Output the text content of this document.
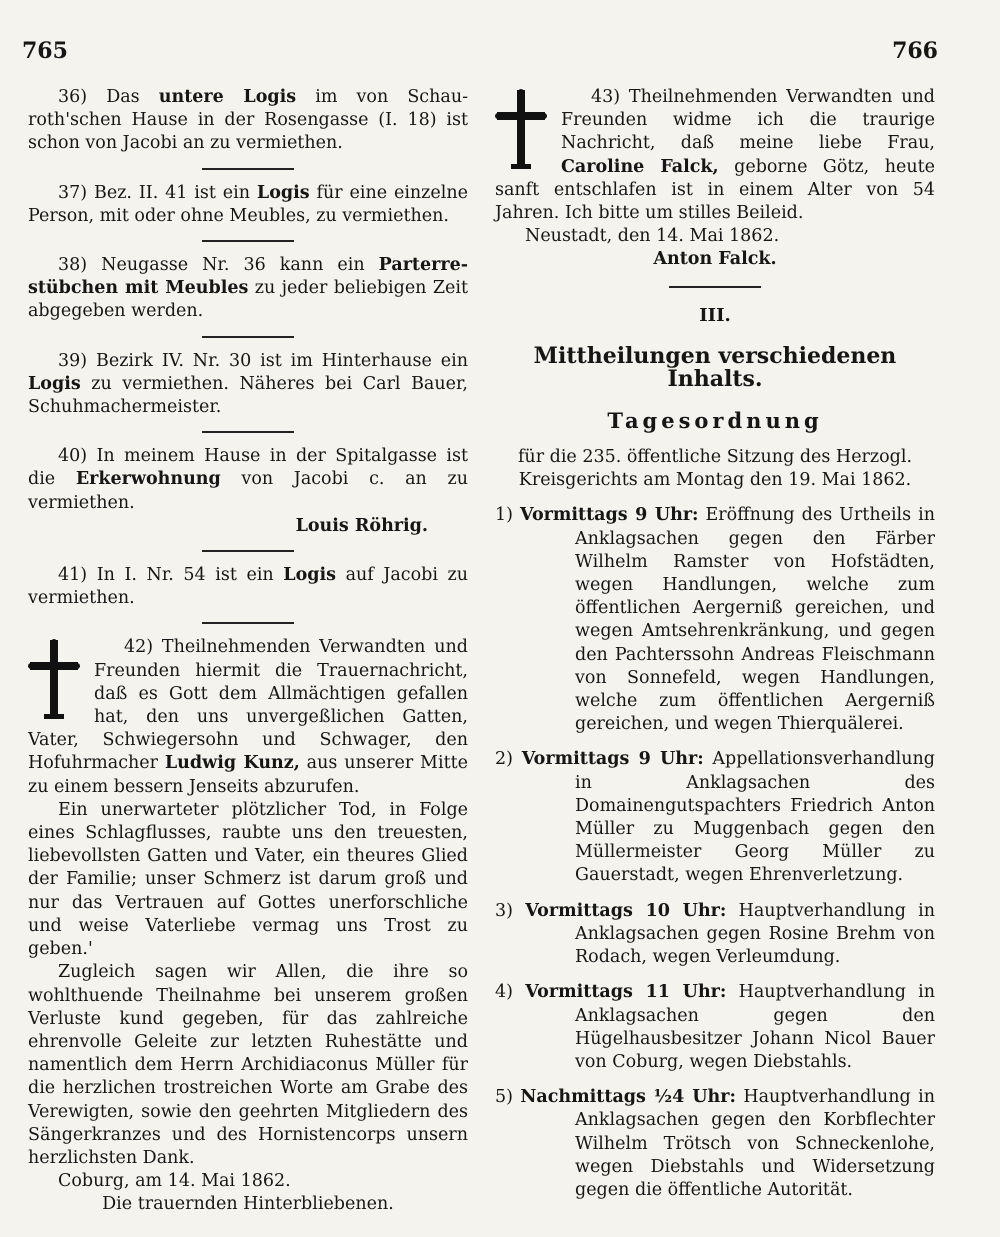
765	766

36) Das untere Logis im von Schau-roth'schen Hause in der Rosengasse (I. 18) ist schon von Jacobi an zu vermiethen.

37) Bez. II. 41 ist ein Logis für eine einzelne Person, mit oder ohne Meubles, zu vermiethen.

38) Neugasse Nr. 36 kann ein Parterre-stübchen mit Meubles zu jeder beliebigen Zeit abgegeben werden.

39) Bezirk IV. Nr. 30 ist im Hinterhause ein Logis zu vermiethen. Näheres bei Carl Bauer, Schuhmachermeister.

40) In meinem Hause in der Spitalgasse ist die Erkerwohnung von Jacobi c. an zu vermiethen.

Louis Röhrig.

41) In I. Nr. 54 ist ein Logis auf Jacobi zu vermiethen.

42) Theilnehmenden Verwandten und Freunden hiermit die Trauernachricht, daß es Gott dem Allmächtigen gefallen hat, den uns unvergeßlichen Gatten, Vater, Schwiegersohn und Schwager, den Hofuhrmacher Ludwig Kunz, aus unserer Mitte zu einem bessern Jenseits abzurufen.

Ein unerwarteter plötzlicher Tod, in Folge eines Schlagflusses, raubte uns den treuesten, liebevollsten Gatten und Vater, ein theures Glied der Familie; unser Schmerz ist darum groß und nur das Vertrauen auf Gottes unerforschliche und weise Vaterliebe vermag uns Trost zu geben.'

Zugleich sagen wir Allen, die ihre so wohlthuende Theilnahme bei unserem großen Verluste kund gegeben, für das zahlreiche ehrenvolle Geleite zur letzten Ruhestätte und namentlich dem Herrn Archidiaconus Müller für die herzlichen trostreichen Worte am Grabe des Verewigten, sowie den geehrten Mitgliedern des Sängerkranzes und des Hornistencorps unsern herzlichsten Dank.

Coburg, am 14. Mai 1862.

Die trauernden Hinterbliebenen.

43) Theilnehmenden Verwandten und Freunden widme ich die traurige Nachricht, daß meine liebe Frau, Caroline Falck, geborne Götz, heute sanft entschlafen ist in einem Alter von 54 Jahren. Ich bitte um stilles Beileid.

Neustadt, den 14. Mai 1862.

Anton Falck.
III.
Mittheilungen verschiedenen Inhalts.
Tagesordnung
für die 235. öffentliche Sitzung des Herzogl. Kreisgerichts am Montag den 19. Mai 1862.

1) Vormittags 9 Uhr: Eröffnung des Urtheils in Anklagsachen gegen den Färber Wilhelm Ramster von Hofstädten, wegen Handlungen, welche zum öffentlichen Aergerniß gereichen, und wegen Amtsehrenkränkung, und gegen den Pachterssohn Andreas Fleischmann von Sonnefeld, wegen Handlungen, welche zum öffentlichen Aergerniß gereichen, und wegen Thierquälerei.

2) Vormittags 9 Uhr: Appellationsverhandlung in Anklagsachen des Domainengutspachters Friedrich Anton Müller zu Muggenbach gegen den Müllermeister Georg Müller zu Gauerstadt, wegen Ehrenverletzung.

3) Vormittags 10 Uhr: Hauptverhandlung in Anklagsachen gegen Rosine Brehm von Rodach, wegen Verleumdung.

4) Vormittags 11 Uhr: Hauptverhandlung in Anklagsachen gegen den Hügelhausbesitzer Johann Nicol Bauer von Coburg, wegen Diebstahls.

5) Nachmittags ½4 Uhr: Hauptverhandlung in Anklagsachen gegen den Korbflechter Wilhelm Trötsch von Schneckenlohe, wegen Diebstahls und Widersetzung gegen die öffentliche Autorität.
